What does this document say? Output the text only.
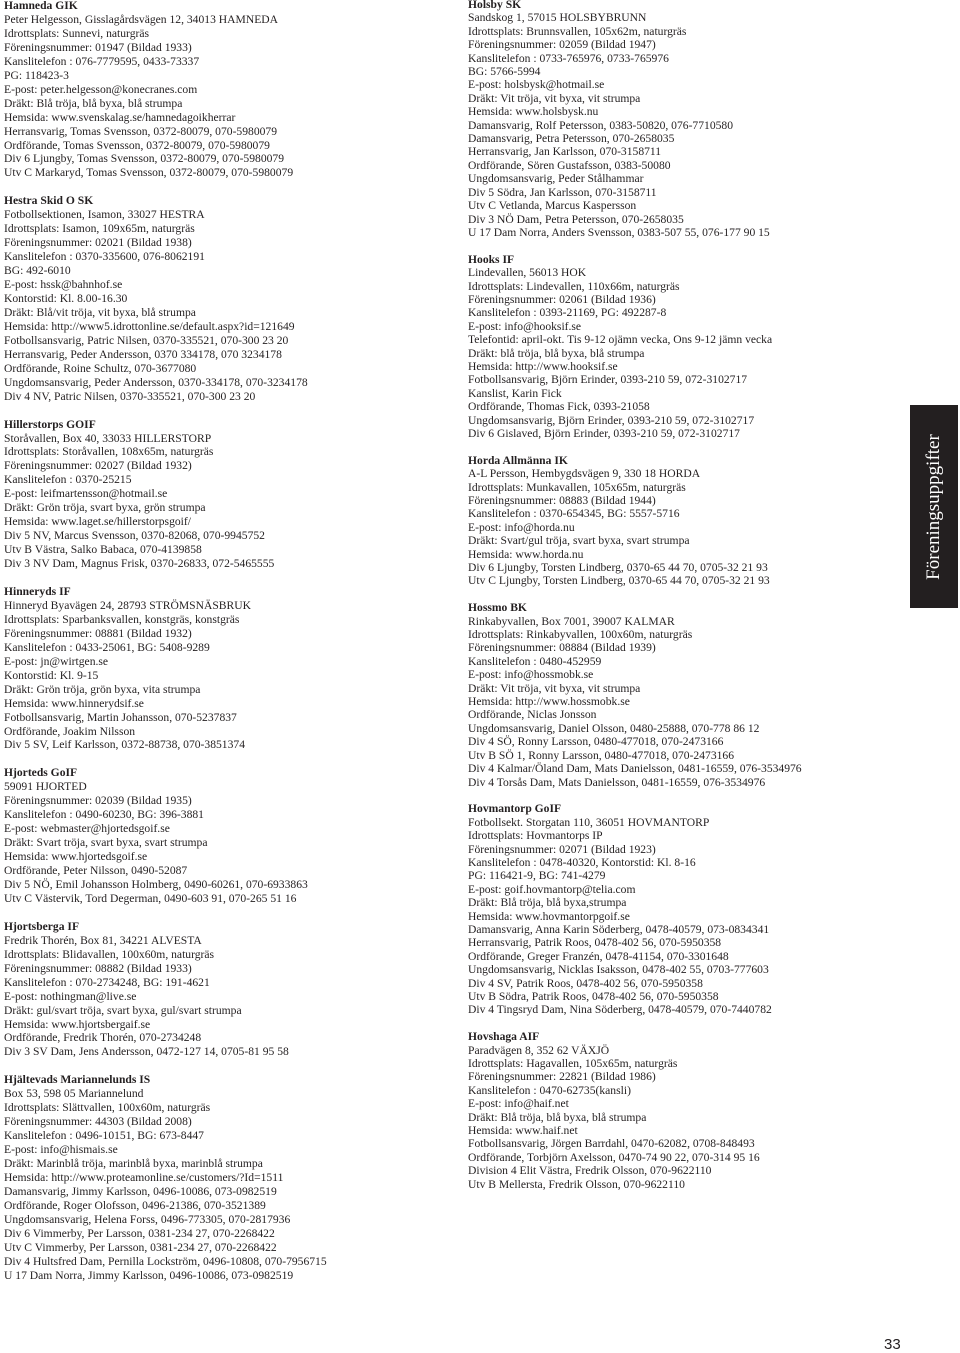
Hamneda GIK
Peter Helgesson, Gisslagårdsvägen 12, 34013 HAMNEDA
Idrottsplats: Sunnevi, naturgräs
Föreningsnummer: 01947 (Bildad 1933)
Kanslitelefon : 076-7779595, 0433-73337
PG: 118423-3
E-post: peter.helgesson@konecranes.com
Dräkt: Blå tröja, blå byxa, blå strumpa
Hemsida: www.svenskalag.se/hamnedagoikherrar
Herransvarig, Tomas Svensson, 0372-80079, 070-5980079
Ordförande, Tomas Svensson, 0372-80079, 070-5980079
Div 6 Ljungby, Tomas Svensson, 0372-80079, 070-5980079
Utv C Markaryd, Tomas Svensson, 0372-80079, 070-5980079
Hestra Skid O SK
Fotbollsektionen, Isamon, 33027 HESTRA
Idrottsplats: Isamon, 109x65m, naturgräs
Föreningsnummer: 02021 (Bildad 1938)
Kanslitelefon : 0370-335600, 076-8062191
BG: 492-6010
E-post: hssk@bahnhof.se
Kontorstid: Kl. 8.00-16.30
Dräkt: Blå/vit tröja, vit byxa, blå strumpa
Hemsida: http://www5.idrottonline.se/default.aspx?id=121649
Fotbollsansvarig, Patric Nilsen, 0370-335521, 070-300 23 20
Herransvarig, Peder Andersson, 0370 334178, 070 3234178
Ordförande, Roine Schultz, 070-3677080
Ungdomsansvarig, Peder Andersson, 0370-334178, 070-3234178
Div 4 NV, Patric Nilsen, 0370-335521, 070-300 23 20
Hillerstorps GOIF
Storåvallen, Box 40, 33033 HILLERSTORP
Idrottsplats: Storåvallen, 108x65m, naturgräs
Föreningsnummer: 02027 (Bildad 1932)
Kanslitelefon : 0370-25215
E-post: leifmartensson@hotmail.se
Dräkt: Grön tröja, svart byxa, grön strumpa
Hemsida: www.laget.se/hillerstorpsgoif/
Div 5 NV, Marcus Svensson, 0370-82068, 070-9945752
Utv B Västra, Salko Babaca, 070-4139858
Div 3 NV Dam, Magnus Frisk, 0370-26833, 072-5465555
Hinneryds IF
Hinneryd Byavägen 24, 28793 STRÖMSNÄSBRUK
Idrottsplats: Sparbanksvallen, konstgräs, konstgräs
Föreningsnummer: 08881 (Bildad 1932)
Kanslitelefon : 0433-25061, BG: 5408-9289
E-post: jn@wirtgen.se
Kontorstid: Kl. 9-15
Dräkt: Grön tröja, grön byxa, vita strumpa
Hemsida: www.hinnerydsif.se
Fotbollsansvarig, Martin Johansson, 070-5237837
Ordförande, Joakim Nilsson
Div 5 SV, Leif Karlsson, 0372-88738, 070-3851374
Hjorteds GoIF
59091 HJORTED
Föreningsnummer: 02039 (Bildad 1935)
Kanslitelefon : 0490-60230, BG: 396-3881
E-post: webmaster@hjortedsgoif.se
Dräkt: Svart tröja, svart byxa, svart strumpa
Hemsida: www.hjortedsgoif.se
Ordförande, Peter Nilsson, 0490-52087
Div 5 NÖ, Emil Johansson Holmberg, 0490-60261, 070-6933863
Utv C Västervik, Tord Degerman, 0490-603 91, 070-265 51 16
Hjortsberga IF
Fredrik Thorén, Box 81, 34221 ALVESTA
Idrottsplats: Blidavallen, 100x60m, naturgräs
Föreningsnummer: 08882 (Bildad 1933)
Kanslitelefon : 070-2734248, BG: 191-4621
E-post: nothingman@live.se
Dräkt: gul/svart tröja, svart byxa, gul/svart strumpa
Hemsida: www.hjortsbergaif.se
Ordförande, Fredrik Thorén, 070-2734248
Div 3 SV Dam, Jens Andersson, 0472-127 14, 0705-81 95 58
Hjältevads Mariannelunds IS
Box 53, 598 05 Mariannelund
Idrottsplats: Slättvallen, 100x60m, naturgräs
Föreningsnummer: 44303 (Bildad 2008)
Kanslitelefon : 0496-10151, BG: 673-8447
E-post: info@hismais.se
Dräkt: Marinblå tröja, marinblå byxa, marinblå strumpa
Hemsida: http://www.proteamonline.se/customers/?Id=1511
Damansvarig, Jimmy Karlsson, 0496-10086, 073-0982519
Ordförande, Roger Olofsson, 0496-21386, 070-3521389
Ungdomsansvarig, Helena Forss, 0496-773305, 070-2817936
Div 6 Vimmerby, Per Larsson, 0381-234 27, 070-2268422
Utv C Vimmerby, Per Larsson, 0381-234 27, 070-2268422
Div 4 Hultsfred Dam, Pernilla Lockström, 0496-10808, 070-7956715
U 17 Dam Norra, Jimmy Karlsson, 0496-10086, 073-0982519
Holsby SK
Sandskog 1, 57015 HOLSBYBRUNN
Idrottsplats: Brunnsvallen, 105x62m, naturgräs
Föreningsnummer: 02059 (Bildad 1947)
Kanslitelefon : 0733-765976, 0733-765976
BG: 5766-5994
E-post: holsbysk@hotmail.se
Dräkt: Vit tröja, vit byxa, vit strumpa
Hemsida: www.holsbysk.nu
Damansvarig, Rolf Petersson, 0383-50820, 076-7710580
Damansvarig, Petra Petersson, 070-2658035
Herransvarig, Jan Karlsson, 070-3158711
Ordförande, Sören Gustafsson, 0383-50080
Ungdomsansvarig, Peder Stålhammar
Div 5 Södra, Jan Karlsson, 070-3158711
Utv C Vetlanda, Marcus Kaspersson
Div 3 NÖ Dam, Petra Petersson, 070-2658035
U 17 Dam Norra, Anders Svensson, 0383-507 55, 076-177 90 15
Hooks IF
Lindevallen, 56013 HOK
Idrottsplats: Lindevallen, 110x66m, naturgräs
Föreningsnummer: 02061 (Bildad 1936)
Kanslitelefon : 0393-21169, PG: 492287-8
E-post: info@hooksif.se
Telefontid: april-okt. Tis 9-12 ojämn vecka, Ons 9-12 jämn vecka
Dräkt: blå tröja, blå byxa, blå strumpa
Hemsida: http://www.hooksif.se
Fotbollsansvarig, Björn Erinder, 0393-210 59, 072-3102717
Kanslist, Karin Fick
Ordförande, Thomas Fick, 0393-21058
Ungdomsansvarig, Björn Erinder, 0393-210 59, 072-3102717
Div 6 Gislaved, Björn Erinder, 0393-210 59, 072-3102717
Horda Allmänna IK
A-L Persson, Hembygdsvägen 9, 330 18 HORDA
Idrottsplats: Munkavallen, 105x65m, naturgräs
Föreningsnummer: 08883 (Bildad 1944)
Kanslitelefon : 0370-654345, BG: 5557-5716
E-post: info@horda.nu
Dräkt: Svart/gul tröja, svart byxa, svart strumpa
Hemsida: www.horda.nu
Div 6 Ljungby, Torsten Lindberg, 0370-65 44 70, 0705-32 21 93
Utv C Ljungby, Torsten Lindberg, 0370-65 44 70, 0705-32 21 93
Hossmo BK
Rinkabyvallen, Box 7001, 39007 KALMAR
Idrottsplats: Rinkabyvallen, 100x60m, naturgräs
Föreningsnummer: 08884 (Bildad 1939)
Kanslitelefon : 0480-452959
E-post: info@hossmobk.se
Dräkt: Vit tröja, vit byxa, vit strumpa
Hemsida: http://www.hossmobk.se
Ordförande, Niclas Jonsson
Ungdomsansvarig, Daniel Olsson, 0480-25888, 070-778 86 12
Div 4 SÖ, Ronny Larsson, 0480-477018, 070-2473166
Utv B SÖ 1, Ronny Larsson, 0480-477018, 070-2473166
Div 4 Kalmar/Öland Dam, Mats Danielsson, 0481-16559, 076-3534976
Div 4 Torsås Dam, Mats Danielsson, 0481-16559, 076-3534976
Hovmantorp GoIF
Fotbollsekt. Storgatan 110, 36051 HOVMANTORP
Idrottsplats: Hovmantorps IP
Föreningsnummer: 02071 (Bildad 1923)
Kanslitelefon : 0478-40320, Kontorstid: Kl. 8-16
PG: 116421-9, BG: 741-4279
E-post: goif.hovmantorp@telia.com
Dräkt: Blå tröja, blå byxa,strumpa
Hemsida: www.hovmantorpgoif.se
Damansvarig, Anna Karin Söderberg, 0478-40579, 073-0834341
Herransvarig, Patrik Roos, 0478-402 56, 070-5950358
Ordförande, Greger Franzén, 0478-41154, 070-3301648
Ungdomsansvarig, Nicklas Isaksson, 0478-402 55, 0703-777603
Div 4 SV, Patrik Roos, 0478-402 56, 070-5950358
Utv B Södra, Patrik Roos, 0478-402 56, 070-5950358
Div 4 Tingsryd Dam, Nina Söderberg, 0478-40579, 070-7440782
Hovshaga AIF
Paradvägen 8, 352 62 VÄXJÖ
Idrottsplats: Hagavallen, 105x65m, naturgräs
Föreningsnummer: 22821 (Bildad 1986)
Kanslitelefon : 0470-62735(kansli)
E-post: info@haif.net
Dräkt: Blå tröja, blå byxa, blå strumpa
Hemsida: www.haif.net
Fotbollsansvarig, Jörgen Barrdahl, 0470-62082, 0708-848493
Ordförande, Torbjörn Axelsson, 0470-74 90 22, 070-314 95 16
Division 4 Elit Västra, Fredrik Olsson, 070-9622110
Utv B Mellersta, Fredrik Olsson, 070-9622110
Föreningsuppgifter
33
